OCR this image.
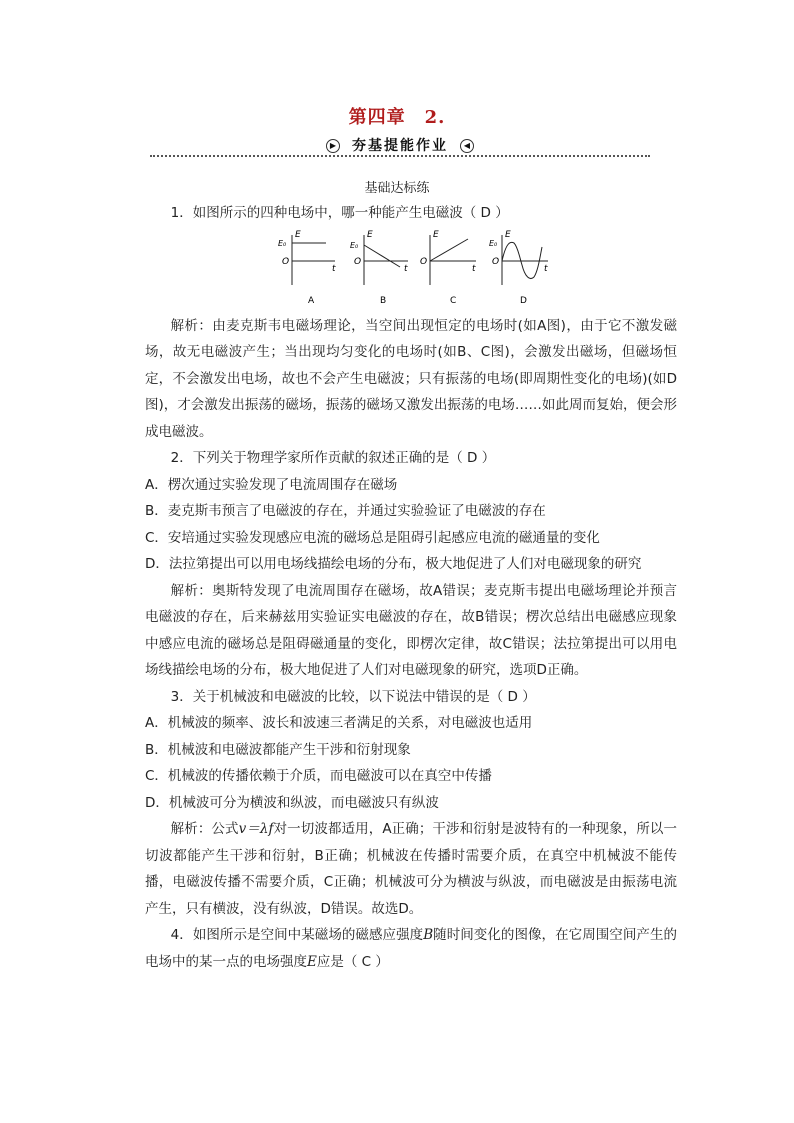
第四章　2.
▶ 夯基提能作业 ◀
基础达标练

1．如图所示的四种电场中，哪一种能产生电磁波（ D ）

E
E₀
O
t
E
E₀
O
t
E
O
t
E
E₀
O
t
A	B	C	D

解析：由麦克斯韦电磁场理论，当空间出现恒定的电场时(如A图)，由于它不激发磁场，故无电磁波产生；当出现均匀变化的电场时(如B、C图)，会激发出磁场，但磁场恒定，不会激发出电场，故也不会产生电磁波；只有振荡的电场(即周期性变化的电场)(如D图)，才会激发出振荡的磁场，振荡的磁场又激发出振荡的电场……如此周而复始，便会形成电磁波。

2．下列关于物理学家所作贡献的叙述正确的是（ D ）

A．楞次通过实验发现了电流周围存在磁场

B．麦克斯韦预言了电磁波的存在，并通过实验验证了电磁波的存在

C．安培通过实验发现感应电流的磁场总是阻碍引起感应电流的磁通量的变化

D．法拉第提出可以用电场线描绘电场的分布，极大地促进了人们对电磁现象的研究

解析：奥斯特发现了电流周围存在磁场，故A错误；麦克斯韦提出电磁场理论并预言电磁波的存在，后来赫兹用实验证实电磁波的存在，故B错误；楞次总结出电磁感应现象中感应电流的磁场总是阻碍磁通量的变化，即楞次定律，故C错误；法拉第提出可以用电场线描绘电场的分布，极大地促进了人们对电磁现象的研究，选项D正确。

3．关于机械波和电磁波的比较，以下说法中错误的是（ D ）

A．机械波的频率、波长和波速三者满足的关系，对电磁波也适用

B．机械波和电磁波都能产生干涉和衍射现象

C．机械波的传播依赖于介质，而电磁波可以在真空中传播

D．机械波可分为横波和纵波，而电磁波只有纵波

解析：公式v＝λf对一切波都适用，A正确；干涉和衍射是波特有的一种现象，所以一切波都能产生干涉和衍射，B正确；机械波在传播时需要介质，在真空中机械波不能传播，电磁波传播不需要介质，C正确；机械波可分为横波与纵波，而电磁波是由振荡电流产生，只有横波，没有纵波，D错误。故选D。

4．如图所示是空间中某磁场的磁感应强度B随时间变化的图像，在它周围空间产生的电场中的某一点的电场强度E应是（ C ）
